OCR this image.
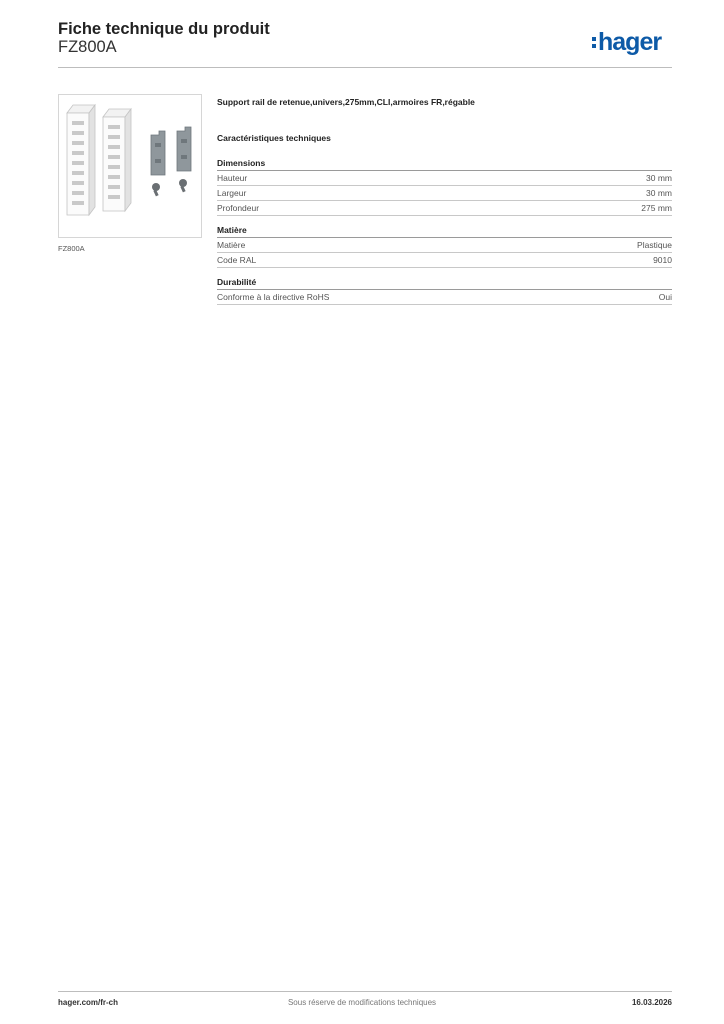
Fiche technique du produit
FZ800A	hager
FZ800A
Support rail de retenue,univers,275mm,CLI,armoires FR,régable
Caractéristiques techniques
Dimensions
Hauteur	30 mm
Largeur	30 mm
Profondeur	275 mm
Matière
Matière	Plastique
Code RAL	9010
Durabilité
Conforme à la directive RoHS	Oui
hager.com/fr-ch	Sous réserve de modifications techniques	16.03.2026
